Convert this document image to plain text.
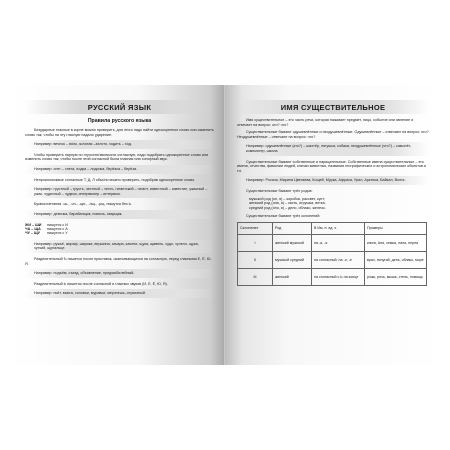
РУССКИЙ ЯЗЫК
Правила русского языка

Безударные гласные в корне можно проверить, для этого надо найти однокоренное слово или изменить слово так, чтобы на эту гласную падало ударение.

Например: вечнок – вóлк, золотая –зóлото, ходить – хóд.

Чтобы проверить парную по глухости/звонкости согласную, надо подобрать однокоренное слово или изменить слово так, чтобы после этой согласной была гласная или сонорный звук.

Например: снег – снега, лодка – лодочка, берёзка – берёза.

Непроизносимые согласные Т, Д, Л обычно можно проверить, подобрав однокоренное слово.

Например: грустный – грусть, честный – честь, гигантский – гигант, известный – известие, ужасный – ужас, чудесный – чудеса, интервьюер – интервью.

Буквосочетания -чк-, -чн-, -щн-, -нщ-, -рщ- пишутся без Ь.

Например: девочка, барабанщик, помочь, сварщик.
ЖИ – ШИ	пишутся с И
ЧА – ЩА	пишутся с А
ЧУ – ЩУ	пишутся с У
Например: ружьё, жираф, шарика, вершина, сачара, качели, щука, щавель, чудо, чучело, щука, чуткий, щупальце.

Разделительный Ъ пишется после приставок, оканчивающихся на согласную, перед гласными Е, Ё, Ю, Я.

Например: подъём, съезд, объявление, предъюбилейный.

Разделительный Ь пишется после согласной и гласных звуков (И, Е, Ё, Ю, Я).

Например: пьёт, вьюга, соловьи, муравьи, мерзнешь, серьезный.
ИМЯ СУЩЕСТВИТЕЛЬНОЕ

Имя существительное – это часть речи, которая называет предмет, лицо, событие или явление и отвечает на вопрос: кто? что?

Существительные бывают одушевлённые и неодушевлённые. Одушевлённые – отвечают на вопрос: кто? Неодушевлённые – отвечают на вопрос: что?

Например: одушевлённые (кто?) – шахтёр, лягушка, собака; неодушевлённые (что?) – самолёт, компьютер, школа.

Существительные бывают собственные и нарицательные. Собственные имена существительные – это имена, отчества, фамилии людей, клички животных, названия географических и астрономических объектов и т.п.

Например: Россия, Марина Цветаева, Кощей, Мурка, Африка, Урал, Арктика, Байкал, Волга.

Существительные бывают трёх родов:

мужской род (он, я) – коробок, рассвет, куст;
женский род (она, я) – кисть, игрушка, ветка;
средний род (оно, я) – дело, облако, железо.

Существительные бывают трёх склонений:

Склонение	Род	В Им. п. ед. ч.	Примеры
I	женский мужской	на -а, -я	книга, Аня, семья, папа, нерпа
II	мужской средний	на согласный; на -о, -е	врач, попугай, день, облако, море
III	женский	на согласный с Ь на конце	рожь, речь, мышь, степь, помощь
